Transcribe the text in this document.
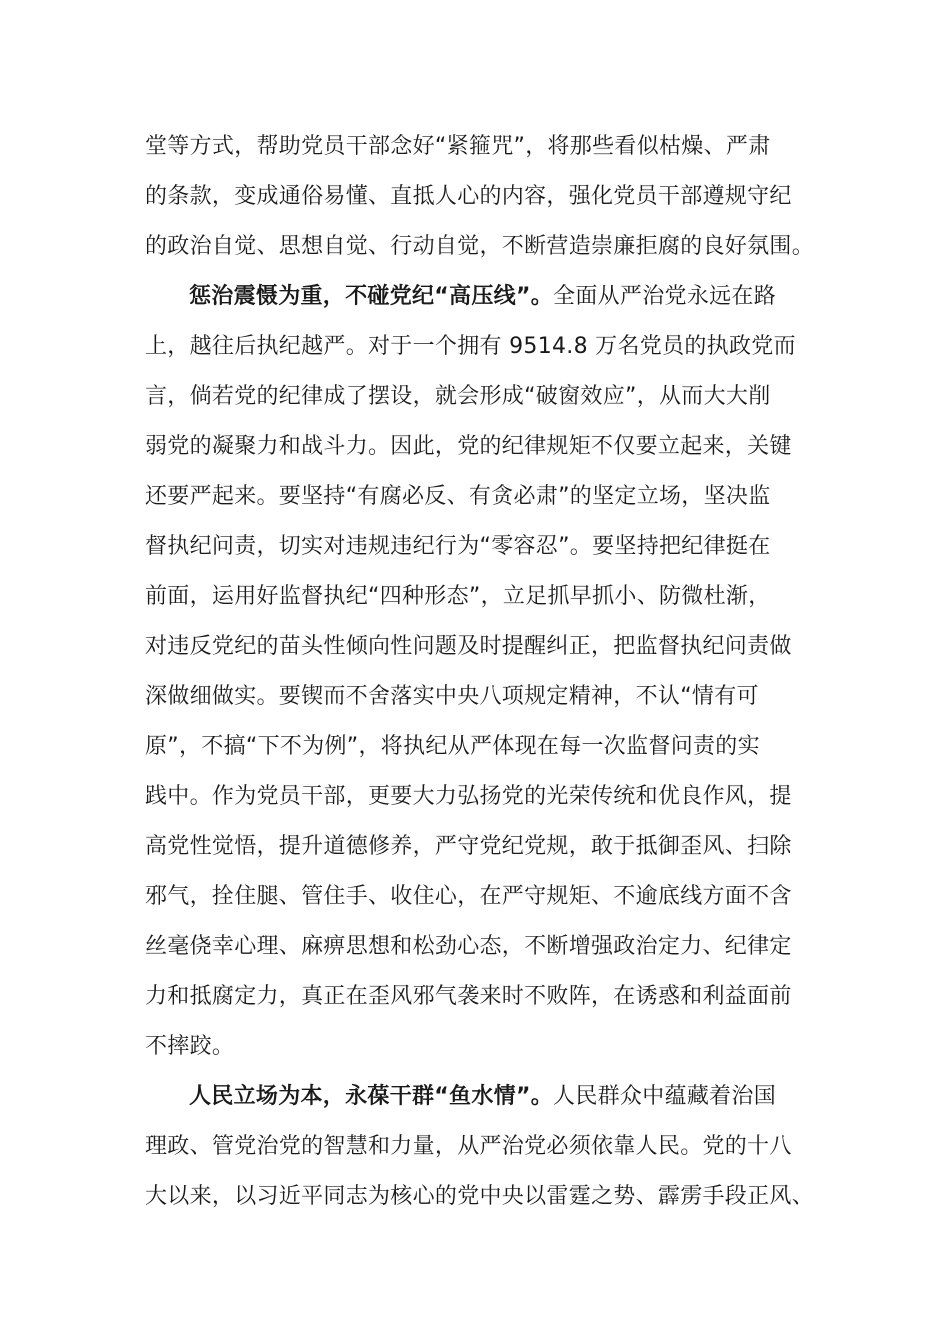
堂等方式，帮助党员干部念好“紧箍咒”，将那些看似枯燥、严肃
的条款，变成通俗易懂、直抵人心的内容，强化党员干部遵规守纪
的政治自觉、思想自觉、行动自觉，不断营造崇廉拒腐的良好氛围。
惩治震慑为重，不碰党纪“高压线”。全面从严治党永远在路
上，越往后执纪越严。对于一个拥有 9514.8 万名党员的执政党而
言，倘若党的纪律成了摆设，就会形成“破窗效应”，从而大大削
弱党的凝聚力和战斗力。因此，党的纪律规矩不仅要立起来，关键
还要严起来。要坚持“有腐必反、有贪必肃”的坚定立场，坚决监
督执纪问责，切实对违规违纪行为“零容忍”。要坚持把纪律挺在
前面，运用好监督执纪“四种形态”，立足抓早抓小、防微杜渐，
对违反党纪的苗头性倾向性问题及时提醒纠正，把监督执纪问责做
深做细做实。要锲而不舍落实中央八项规定精神，不认“情有可
原”，不搞“下不为例”，将执纪从严体现在每一次监督问责的实
践中。作为党员干部，更要大力弘扬党的光荣传统和优良作风，提
高党性觉悟，提升道德修养，严守党纪党规，敢于抵御歪风、扫除
邪气，拴住腿、管住手、收住心，在严守规矩、不逾底线方面不含
丝毫侥幸心理、麻痹思想和松劲心态，不断增强政治定力、纪律定
力和抵腐定力，真正在歪风邪气袭来时不败阵，在诱惑和利益面前
不摔跤。
人民立场为本，永葆干群“鱼水情”。人民群众中蕴藏着治国
理政、管党治党的智慧和力量，从严治党必须依靠人民。党的十八
大以来，以习近平同志为核心的党中央以雷霆之势、霹雳手段正风、
